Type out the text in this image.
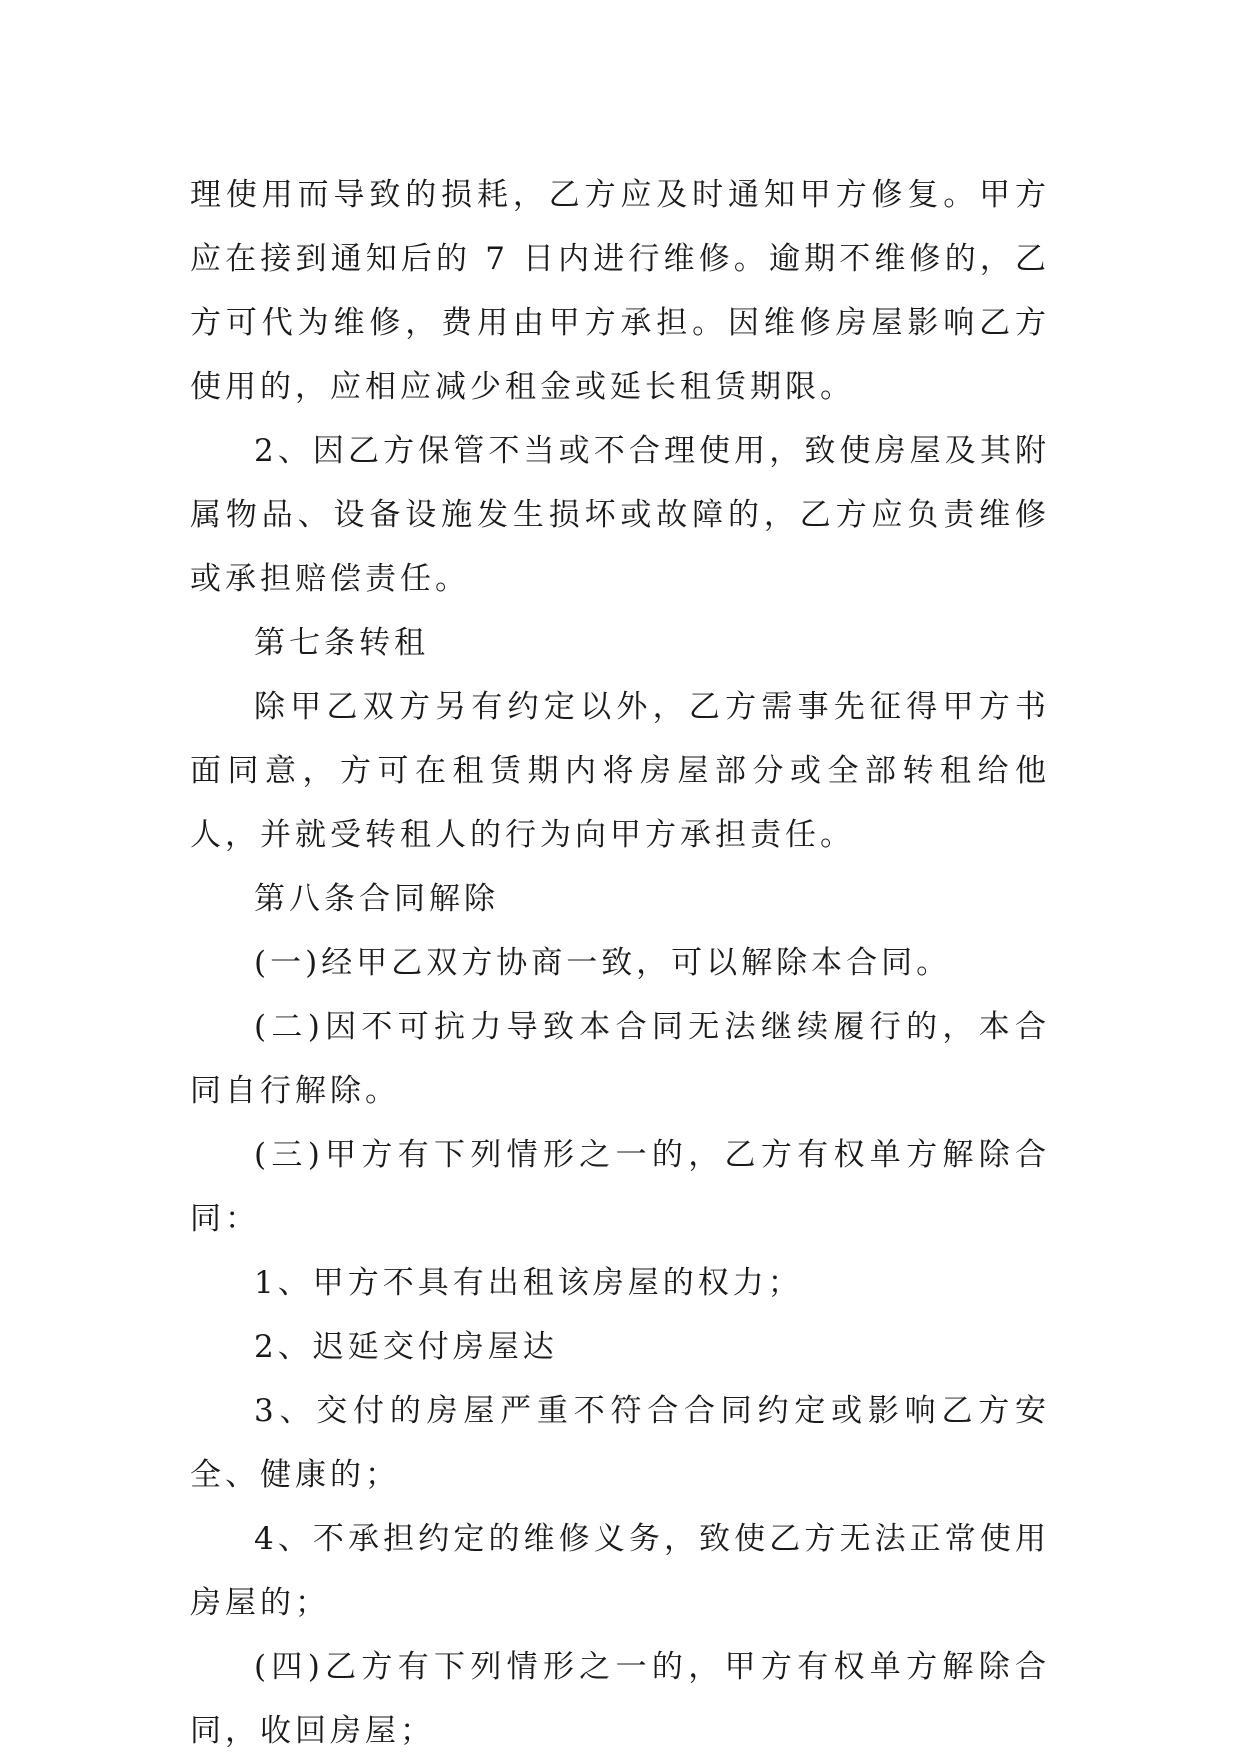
理使用而导致的损耗，乙方应及时通知甲方修复。甲方应在接到通知后的 7 日内进行维修。逾期不维修的，乙方可代为维修，费用由甲方承担。因维修房屋影响乙方使用的，应相应减少租金或延长租赁期限。

2、因乙方保管不当或不合理使用，致使房屋及其附属物品、设备设施发生损坏或故障的，乙方应负责维修或承担赔偿责任。

第七条转租

除甲乙双方另有约定以外，乙方需事先征得甲方书面同意，方可在租赁期内将房屋部分或全部转租给他人，并就受转租人的行为向甲方承担责任。

第八条合同解除

(一)经甲乙双方协商一致，可以解除本合同。

(二)因不可抗力导致本合同无法继续履行的，本合同自行解除。

(三)甲方有下列情形之一的，乙方有权单方解除合同：

1、甲方不具有出租该房屋的权力；

2、迟延交付房屋达

3、交付的房屋严重不符合合同约定或影响乙方安全、健康的；

4、不承担约定的维修义务，致使乙方无法正常使用房屋的；

(四)乙方有下列情形之一的，甲方有权单方解除合同，收回房屋；
